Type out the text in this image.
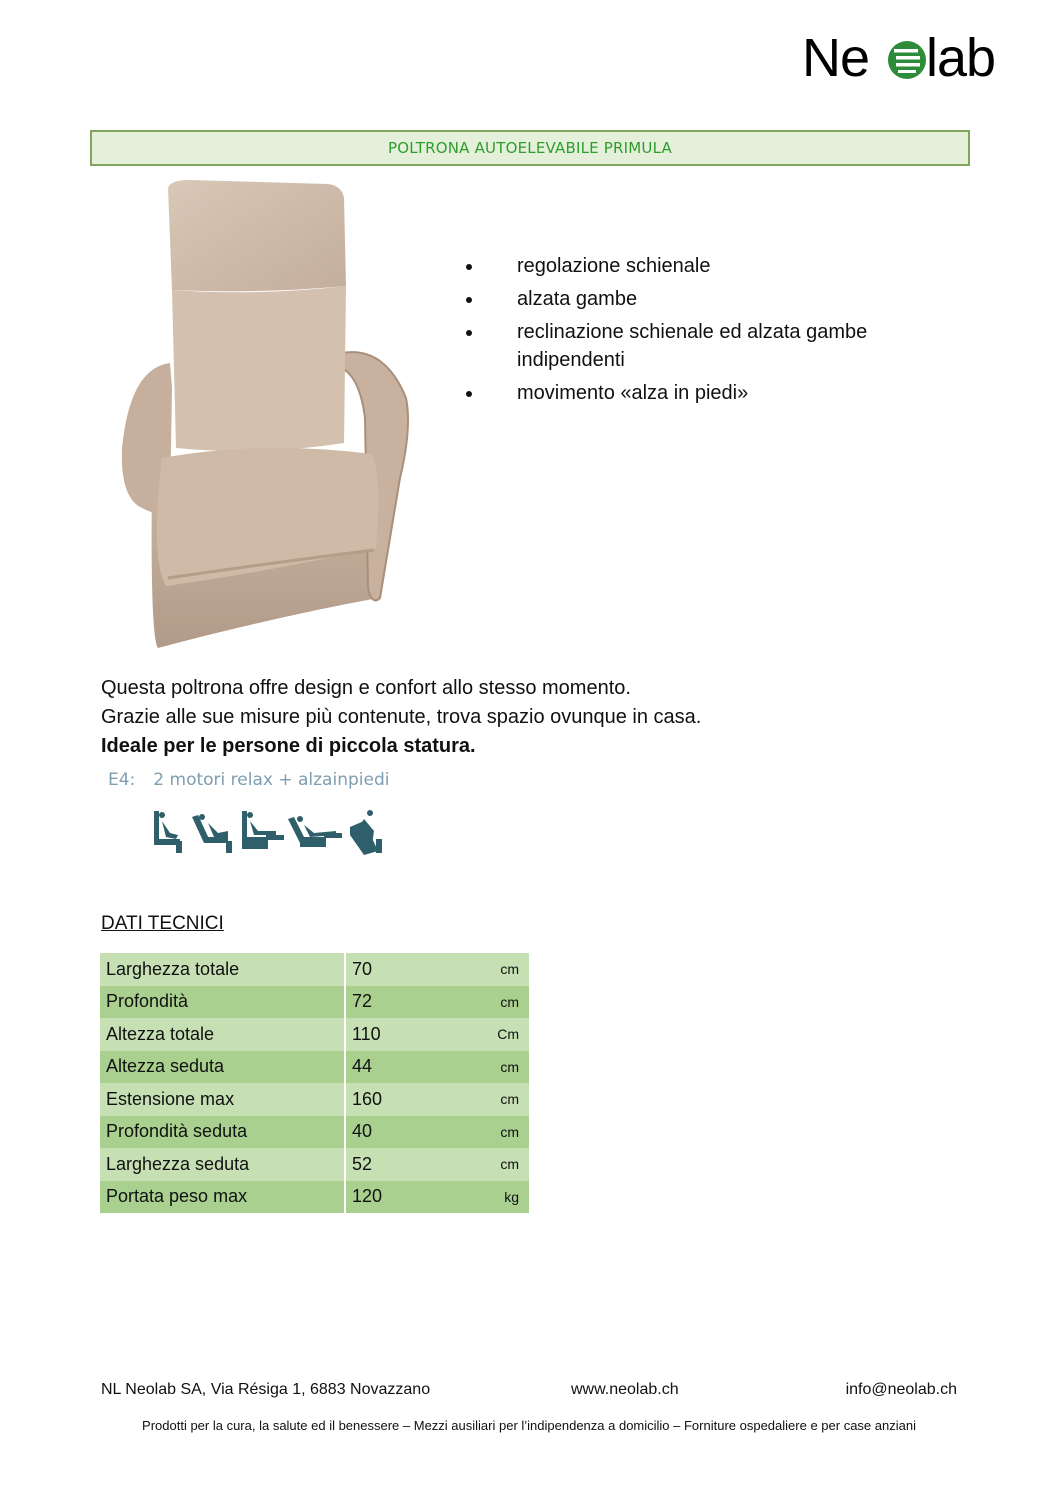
Ne lab
POLTRONA AUTOELEVABILE PRIMULA
regolazione schienale
alzata gambe
reclinazione schienale ed alzata gambe indipendenti
movimento «alza in piedi»

Questa poltrona offre design e confort allo stesso momento.

Grazie alle sue misure più contenute, trova spazio ovunque in casa.

Ideale per le persone di piccola statura.

E4: 2 motori relax + alzainpiedi
DATI TECNICI
Larghezza totale	70	cm
Profondità	72	cm
Altezza totale	110	Cm
Altezza seduta	44	cm
Estensione max	160	cm
Profondità seduta	40	cm
Larghezza seduta	52	cm
Portata peso max	120	kg
NL Neolab SA, Via Résiga 1, 6883 Novazzano	www.neolab.ch	info@neolab.ch
Prodotti per la cura, la salute ed il benessere – Mezzi ausiliari per l’indipendenza a domicilio – Forniture ospedaliere e per case anziani
